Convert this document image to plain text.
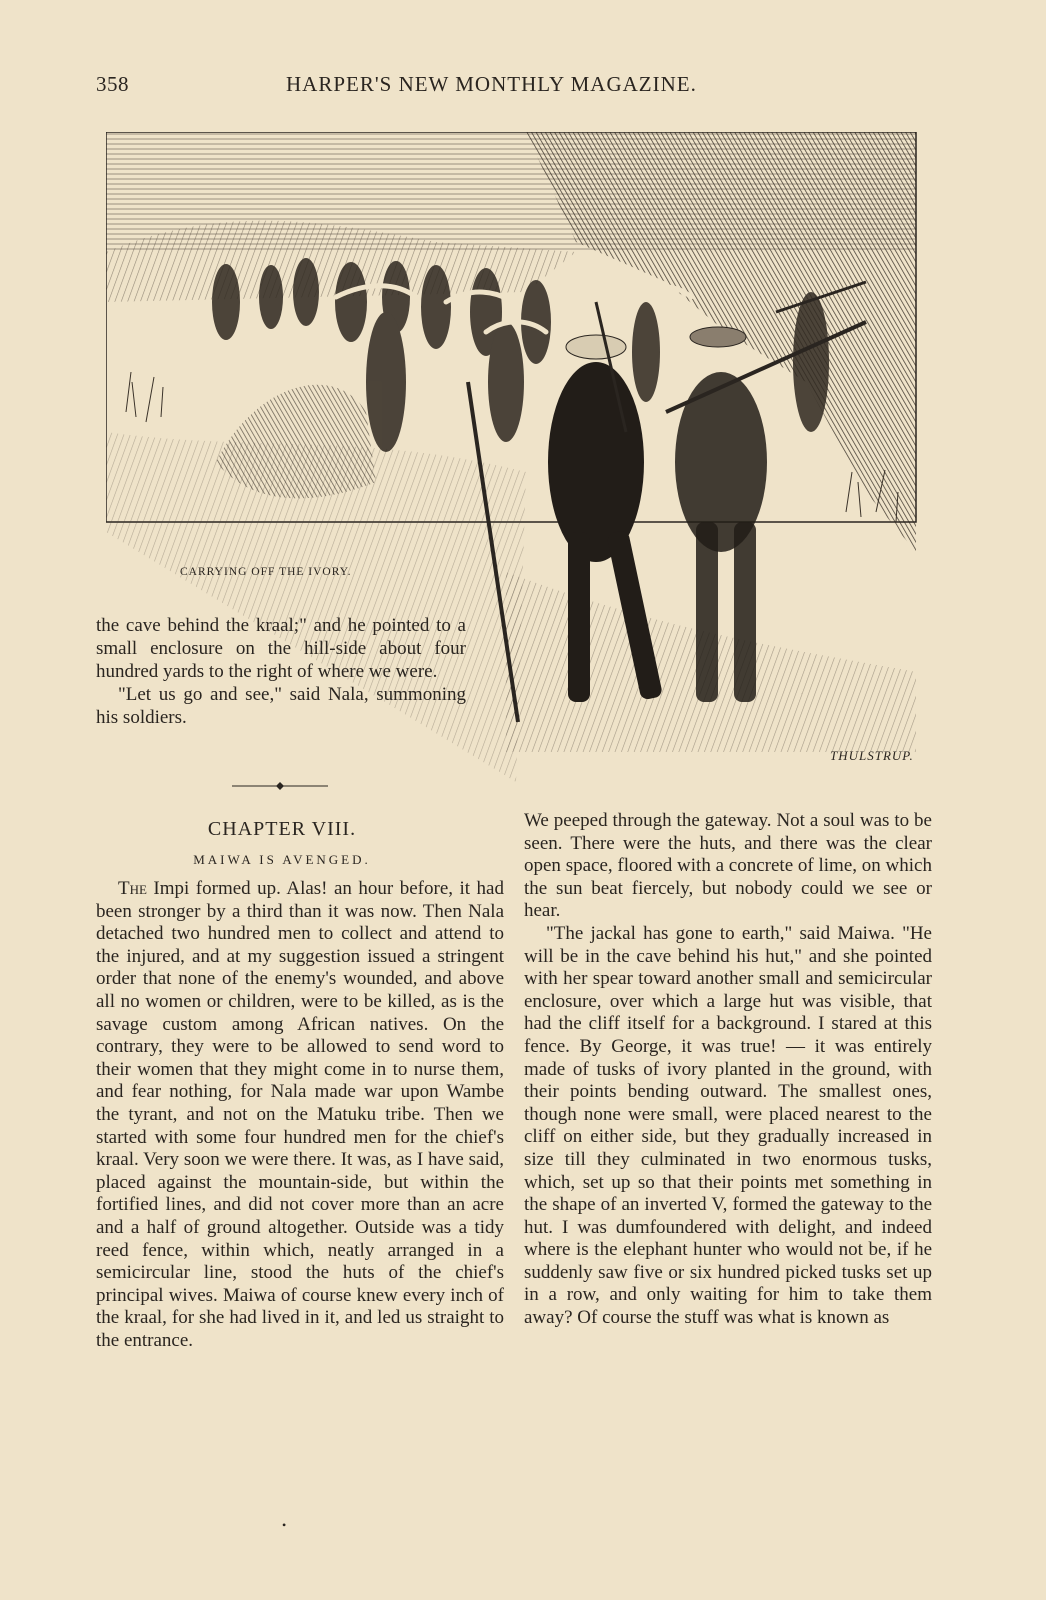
358	HARPER'S NEW MONTHLY MAGAZINE.
CARRYING OFF THE IVORY.

the cave behind the kraal;" and he pointed to a small enclosure on the hill-side about four hundred yards to the right of where we were.

"Let us go and see," said Nala, summoning his soldiers.

THULSTRUP.
CHAPTER VIII.
MAIWA IS AVENGED.

The Impi formed up. Alas! an hour before, it had been stronger by a third than it was now. Then Nala detached two hundred men to collect and attend to the injured, and at my suggestion issued a stringent order that none of the enemy's wounded, and above all no women or children, were to be killed, as is the savage custom among African natives. On the contrary, they were to be allowed to send word to their women that they might come in to nurse them, and fear nothing, for Nala made war upon Wambe the tyrant, and not on the Matuku tribe. Then we started with some four hundred men for the chief's kraal. Very soon we were there. It was, as I have said, placed against the mountain-side, but within the fortified lines, and did not cover more than an acre and a half of ground altogether. Outside was a tidy reed fence, within which, neatly arranged in a semicircular line, stood the huts of the chief's principal wives. Maiwa of course knew every inch of the kraal, for she had lived in it, and led us straight to the entrance.

We peeped through the gateway. Not a soul was to be seen. There were the huts, and there was the clear open space, floored with a concrete of lime, on which the sun beat fiercely, but nobody could we see or hear.

"The jackal has gone to earth," said Maiwa. "He will be in the cave behind his hut," and she pointed with her spear toward another small and semicircular enclosure, over which a large hut was visible, that had the cliff itself for a background. I stared at this fence. By George, it was true! — it was entirely made of tusks of ivory planted in the ground, with their points bending outward. The smallest ones, though none were small, were placed nearest to the cliff on either side, but they gradually increased in size till they culminated in two enormous tusks, which, set up so that their points met something in the shape of an inverted V, formed the gateway to the hut. I was dumfoundered with delight, and indeed where is the elephant hunter who would not be, if he suddenly saw five or six hundred picked tusks set up in a row, and only waiting for him to take them away? Of course the stuff was what is known as

•
